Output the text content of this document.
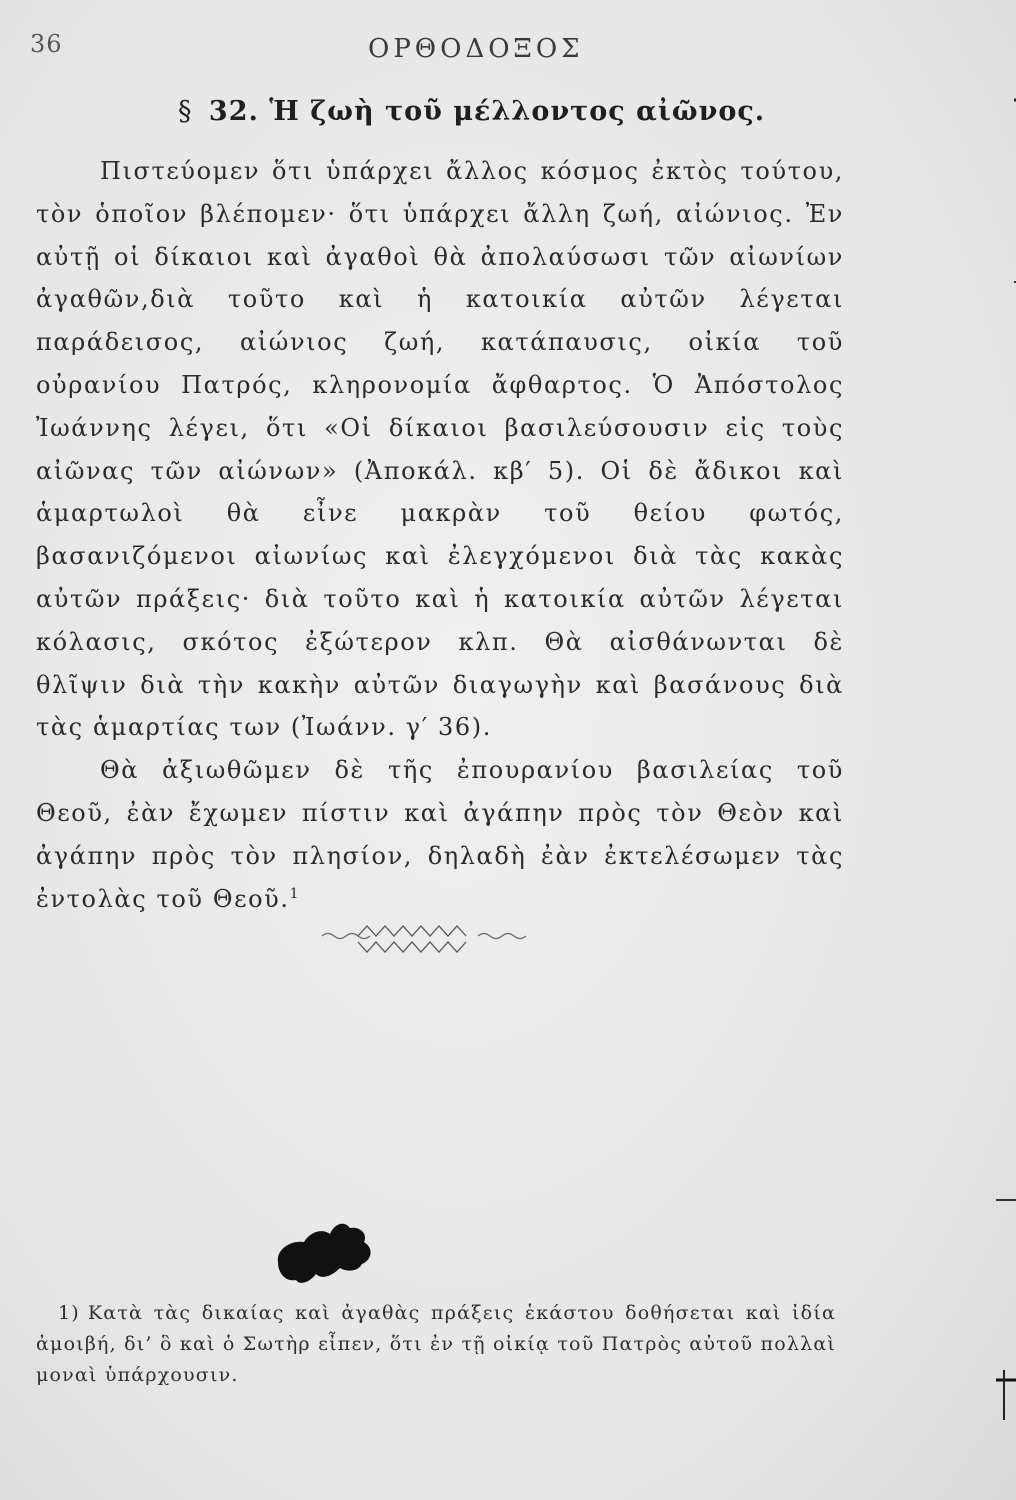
36	ΟΡΘΟΔΟΞΟΣ
§ 32. Ἡ ζωὴ τοῦ μέλλοντος αἰῶνος.

Πιστεύομεν ὅτι ὑπάρχει ἄλλος κόσμος ἐκτὸς τούτου, τὸν ὁποῖον βλέπομεν· ὅτι ὑπάρχει ἄλλη ζωή, αἰώνιος. Ἐν αὐτῇ οἱ δίκαιοι καὶ ἀγαθοὶ θὰ ἀπολαύσωσι τῶν αἰωνίων ἀγαθῶν,διὰ τοῦτο καὶ ἡ κατοικία αὐτῶν λέγεται παράδεισος, αἰώνιος ζωή, κατάπαυσις, οἰκία τοῦ οὐρανίου Πατρός, κληρονομία ἄφθαρτος. Ὁ Ἀπόστολος Ἰωάννης λέγει, ὅτι «Οἱ δίκαιοι βασιλεύσουσιν εἰς τοὺς αἰῶνας τῶν αἰώνων» (Ἀποκάλ. κβ′ 5). Οἱ δὲ ἄδικοι καὶ ἁμαρτωλοὶ θὰ εἶνε μακρὰν τοῦ θείου φωτός, βασανιζόμενοι αἰωνίως καὶ ἐλεγχόμενοι διὰ τὰς κακὰς αὐτῶν πράξεις· διὰ τοῦτο καὶ ἡ κατοικία αὐτῶν λέγεται κόλασις, σκότος ἐξώτερον κλπ. Θὰ αἰσθάνωνται δὲ θλῖψιν διὰ τὴν κακὴν αὐτῶν διαγωγὴν καὶ βασάνους διὰ τὰς ἁμαρτίας των (Ἰωάνν. γ′ 36).

Θὰ ἀξιωθῶμεν δὲ τῆς ἐπουρανίου βασιλείας τοῦ Θεοῦ, ἐὰν ἔχωμεν πίστιν καὶ ἀγάπην πρὸς τὸν Θεὸν καὶ ἀγάπην πρὸς τὸν πλησίον, δηλαδὴ ἐὰν ἐκτελέσωμεν τὰς ἐντολὰς τοῦ Θεοῦ.$^1$

1) Κατὰ τὰς δικαίας καὶ ἀγαθὰς πράξεις ἑκάστου δοθήσεται καὶ ἰδία ἀμοιβή, δι’ ὃ καὶ ὁ Σωτὴρ εἶπεν, ὅτι ἐν τῇ οἰκίᾳ τοῦ Πατρὸς αὐτοῦ πολλαὶ μοναὶ ὑπάρχουσιν.
